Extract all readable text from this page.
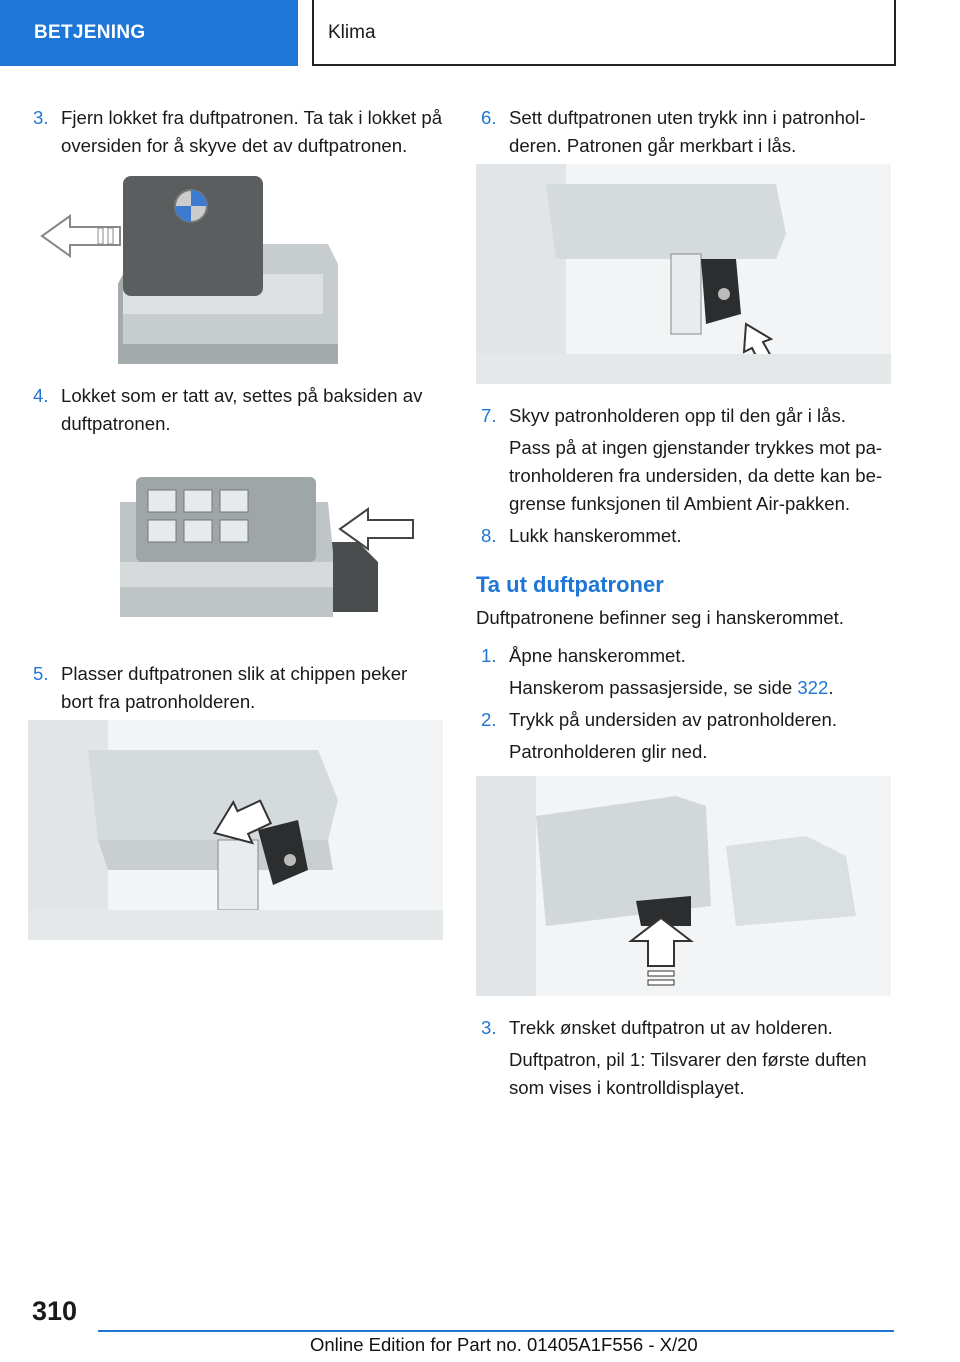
BETJENING	Klima
3. Fjern lokket fra duftpatronen. Ta tak i lokket på oversiden for å skyve det av duftpatronen.
4. Lokket som er tatt av, settes på baksiden av duftpatronen.
5. Plasser duftpatronen slik at chippen peker bort fra patronholderen.
6. Sett duftpatronen uten trykk inn i patronhol-deren. Patronen går merkbart i lås.
7. Skyv patronholderen opp til den går i lås.
Pass på at ingen gjenstander trykkes mot pa-tronholderen fra undersiden, da dette kan be-grense funksjonen til Ambient Air-pakken.
8. Lukk hanskerommet.
Ta ut duftpatroner
Duftpatronene befinner seg i hanskerommet.
1. Åpne hanskerommet.
Hanskerom passasjerside, se side 322.
2. Trykk på undersiden av patronholderen.
Patronholderen glir ned.
3. Trekk ønsket duftpatron ut av holderen.
Duftpatron, pil 1: Tilsvarer den første duften som vises i kontrolldisplayet.
310
Online Edition for Part no. 01405A1F556 - X/20
